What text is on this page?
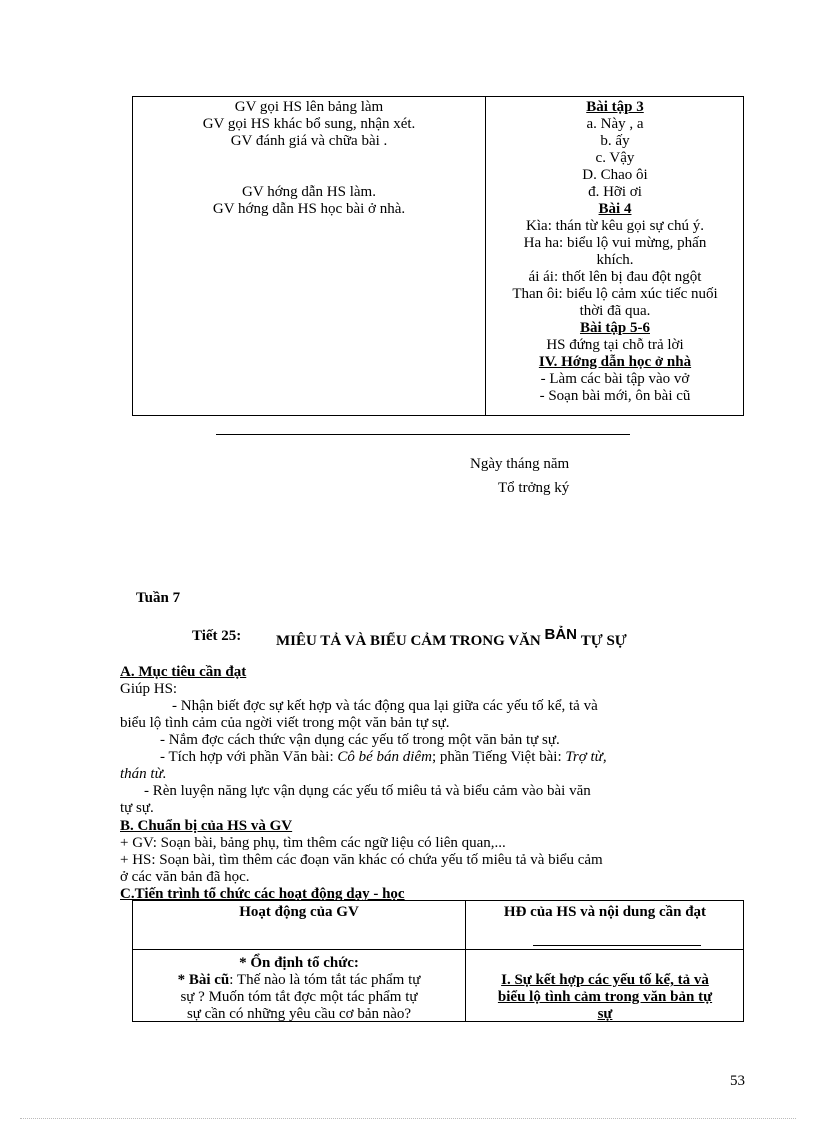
GV gọi HS lên bảng làm
GV gọi HS khác bổ sung, nhận xét.
GV đánh giá và chữa bài .
GV hớng dẫn HS làm.
GV hớng dẫn HS học bài ở nhà.
Bài tập 3
a. Này , a
b. ấy
c. Vậy
D. Chao ôi
đ. Hỡi ơi
Bài 4
Kìa: thán từ kêu gọi sự chú ý.
Ha ha: biểu lộ vui mừng, phấn
khích.
ái ái: thốt lên bị đau đột ngột
Than ôi: biểu lộ cảm xúc tiếc nuối
thời đã qua.
Bài tập 5-6
HS đứng tại chỗ trả lời
IV. Hớng dẫn học ở nhà
- Làm các bài tập vào vở
- Soạn bài mới, ôn bài cũ
Ngày tháng năm
Tổ trởng ký
Tuần 7
Tiết 25: MIÊU TẢ VÀ BIỂU CẢM TRONG VĂN BẢN TỰ SỰ
A. Mục tiêu cần đạt
Giúp HS:
- Nhận biết đợc sự kết hợp và tác động qua lại giữa các yếu tố kể, tả và
biểu lộ tình cảm của ngời viết trong một văn bản tự sự.
- Nắm đợc cách thức vận dụng các yếu tố trong một văn bản tự sự.
- Tích hợp với phần Văn bài: Cô bé bán diêm; phần Tiếng Việt bài: Trợ từ,
thán từ.
- Rèn luyện năng lực vận dụng các yếu tố miêu tả và biểu cảm vào bài văn
tự sự.
B. Chuẩn bị của HS và GV
+ GV: Soạn bài, bảng phụ, tìm thêm các ngữ liệu có liên quan,...
+ HS: Soạn bài, tìm thêm các đoạn văn khác có chứa yếu tố miêu tả và biểu cảm
ở các văn bản đã học.
C.Tiến trình tổ chức các hoạt động dạy - học
Hoạt động của GV	HĐ của HS và nội dung cần đạt
* Ổn định tổ chức:
* Bài cũ: Thế nào là tóm tắt tác phẩm tự
sự ? Muốn tóm tắt đợc một tác phẩm tự
sự cần có những yêu cầu cơ bản nào?
I. Sự kết hợp các yếu tố kể, tả và
biểu lộ tình cảm trong văn bản tự
sự
53
